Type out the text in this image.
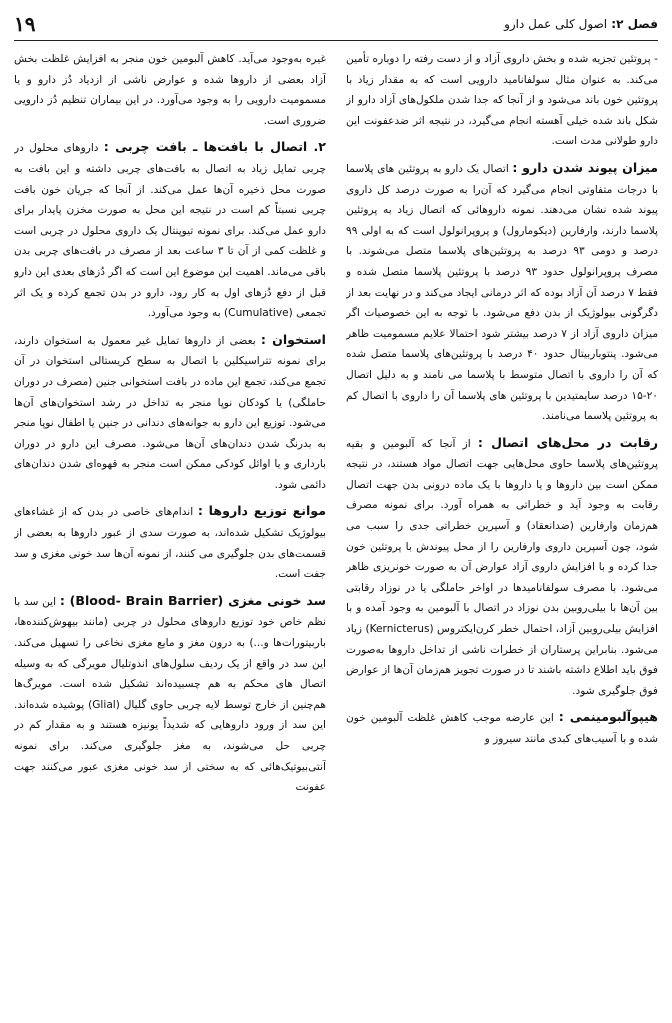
فصل ۲: اصول کلی عمل دارو
۱۹

- پروتئین تجزیه شده و بخش داروی آزاد و از دست رفته را دوباره تأمین می‌کند. به عنوان مثال سولفانامید دارویی است که به مقدار زیاد با پروتئین خون باند می‌شود و از آنجا که جدا شدن ملکول‌های آزاد دارو از شکل باند شده خیلی آهسته انجام می‌گیرد، در نتیجه اثر ضدعفونت این دارو طولانی مدت است.

میزان پیوند شدن دارو : اتصال یک دارو به پروتئین های پلاسما با درجات متفاوتی انجام می‌گیرد که آن‌را به صورت درصد کل داروی پیوند شده نشان می‌دهند. نمونه داروهائی که اتصال زیاد به پروتئین پلاسما دارند، وارفارین (دیکومارول) و پروپرانولول است که به اولی ۹۹ درصد و دومی ۹۳ درصد به پروتئین‌های پلاسما متصل می‌شوند. با مصرف پروپرانولول حدود ۹۳ درصد با پروتئین پلاسما متصل شده و فقط ۷ درصد آن آزاد بوده که اثر درمانی ایجاد می‌کند و در نهایت بعد از دگرگونی بیولوژیک از بدن دفع می‌شود. با توجه به این خصوصیات اگر میزان داروی آزاد از ۷ درصد بیشتر شود احتمالا علایم مسمومیت ظاهر می‌شود. پنتوباربیتال حدود ۴۰ درصد با پروتئین‌های پلاسما متصل شده که آن را داروی با اتصال متوسط با پلاسما می نامند و به دلیل اتصال ۲۰-۱۵ درصد سایمتیدین با پروتئین های پلاسما آن را داروی با اتصال کم به پروتئین پلاسما می‌نامند.

رقابت در محل‌های اتصال : از آنجا که آلبومین و بقیه پروتئین‌های پلاسما حاوی محل‌هایی جهت اتصال مواد هستند، در نتیجه ممکن است بین داروها و یا داروها با یک ماده درونی بدن جهت اتصال رقابت به وجود آید و خطراتی به همراه آورد. برای نمونه مصرف هم‌زمان وارفارین (ضدانعقاد) و آسپرین خطراتی جدی را سبب می شود، چون آسپرین داروی وارفارین را از محل پیوندش با پروتئین خون جدا کرده و با افزایش داروی آزاد عوارض آن به صورت خونریزی ظاهر می‌شود. با مصرف سولفانامیدها در اواخر حاملگی یا در نوزاد رقابتی بین آن‌ها با بیلی‌روبین بدن نوزاد در اتصال با آلبومین به وجود آمده و با افزایش بیلی‌روبین آزاد، احتمال خطر کرن‌ایکتروس (Kernicterus) زیاد می‌شود. بنابراین پرستاران از خطرات ناشی از تداخل داروها به‌صورت فوق باید اطلاع داشته باشند تا در صورت تجویز هم‌زمان آن‌ها از عوارض فوق جلوگیری شود.

هیپوآلبومینمی : این عارضه موجب کاهش غلظت آلبومین خون شده و با آسیب‌های کبدی مانند سیروز و

غیره به‌وجود می‌آید. کاهش آلبومین خون منجر به افزایش غلظت بخش آزاد بعضی از داروها شده و عوارض ناشی از ازدیاد دُز دارو و یا مسمومیت دارویی را به وجود می‌آورد. در این بیماران تنظیم دُز دارویی ضروری است.

۲. اتصال با بافت‌ها ـ بافت چربی : داروهای محلول در چربی تمایل زیاد به اتصال به بافت‌های چربی داشته و این بافت به صورت محل ذخیره آن‌ها عمل می‌کند. از آنجا که جریان خون بافت چربی نسبتاً کم است در نتیجه این محل به صورت مخزن پایدار برای دارو عمل می‌کند. برای نمونه تیوپنتال یک داروی محلول در چربی است و غلظت کمی از آن تا ۳ ساعت بعد از مصرف در بافت‌های چربی بدن باقی می‌ماند. اهمیت این موضوع این است که اگر دُزهای بعدی این دارو قبل از دفع دُزهای اول به کار رود، دارو در بدن تجمع کرده و یک اثر تجمعی (Cumulative) به وجود می‌آورد.

استخوان : بعضی از داروها تمایل غیر معمول به استخوان دارند، برای نمونه تتراسیکلین با اتصال به سطح کریستالی استخوان در آن تجمع می‌کند، تجمع این ماده در بافت استخوانی جنین (مصرف در دوران حاملگی) یا کودکان نوپا منجر به تداخل در رشد استخوان‌های آن‌ها می‌شود. توزیع این دارو به جوانه‌های دندانی در جنین یا اطفال نوپا منجر به بدرنگ شدن دندان‌های آن‌ها می‌شود. مصرف این دارو در دوران بارداری و یا اوائل کودکی ممکن است منجر به قهوه‌ای شدن دندان‌های دائمی شود.

موانع توزیع داروها : اندام‌های خاصی در بدن که از غشاءهای بیولوژیک تشکیل شده‌اند، به صورت سدی از عبور داروها به بعضی از قسمت‌های بدن جلوگیری می کنند، از نمونه آن‌ها سد خونی مغزی و سد جفت است.

سد خونی مغزی (Blood- Brain Barrier) : این سد با نظم خاص خود توزیع داروهای محلول در چربی (مانند بیهوش‌کننده‌ها، باربیتورات‌ها و...) به درون مغز و مایع مغزی نخاعی را تسهیل می‌کند. این سد در واقع از یک ردیف سلول‌های اندوتلیال مویرگی که به وسیله اتصال های محکم به هم چسبیده‌اند تشکیل شده است. مویرگ‌ها هم‌چنین از خارج توسط لایه چربی حاوی گلیال (Glial) پوشیده شده‌اند. این سد از ورود داروهایی که شدیداً یونیزه هستند و به مقدار کم در چربی حل می‌شوند، به مغز جلوگیری می‌کند. برای نمونه آنتی‌بیوتیک‌هائی که به سختی از سد خونی مغزی عبور می‌کنند جهت عفونت
